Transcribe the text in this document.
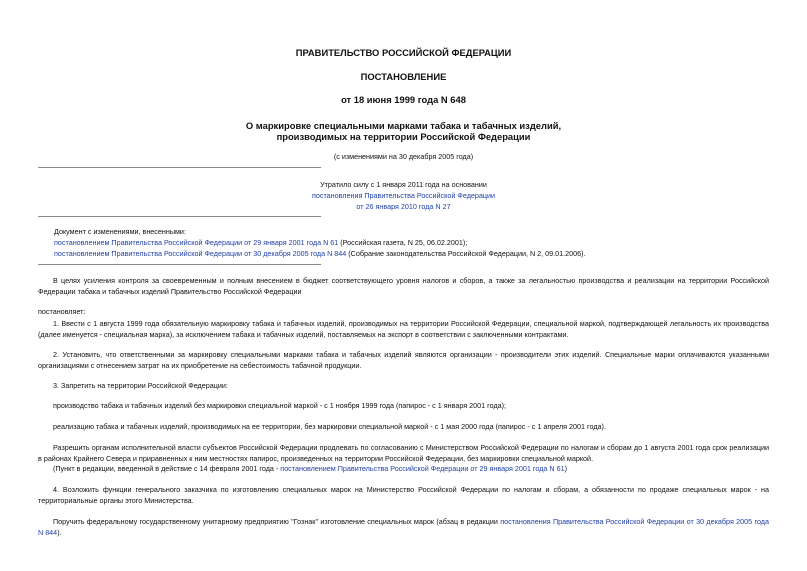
ПРАВИТЕЛЬСТВО РОССИЙСКОЙ ФЕДЕРАЦИИ
ПОСТАНОВЛЕНИЕ
от 18 июня 1999 года N 648
О маркировке специальными марками табака и табачных изделий,
производимых на территории Российской Федерации
(с изменениями на 30 декабря 2005 года)
Утратило силу с 1 января 2011 года на основании
постановления Правительства Российской Федерации
от 26 января 2010 года N 27
Документ с изменениями, внесенными:
постановлением Правительства Российской Федерации от 29 января 2001 года N 61 (Российская газета, N 25, 06.02.2001);
постановлением Правительства Российской Федерации от 30 декабря 2005 года N 844 (Собрание законодательства Российской Федерации, N 2, 09.01.2006).
В целях усиления контроля за своевременным и полным внесением в бюджет соответствующего уровня налогов и сборов, а также за легальностью производства и реализации на территории Российской
Федерации табака и табачных изделий Правительство Российской Федерации
постановляет:
1. Ввести с 1 августа 1999 года обязательную маркировку табака и табачных изделий, производимых на территории Российской Федерации, специальной маркой, подтверждающей легальность их производства
(далее именуется - специальная марка), за исключением табака и табачных изделий, поставляемых на экспорт в соответствии с заключенными контрактами.
2. Установить, что ответственными за маркировку специальными марками табака и табачных изделий являются организации - производители этих изделий. Специальные марки оплачиваются указанными
организациями с отнесением затрат на их приобретение на себестоимость табачной продукции.
3. Запретить на территории Российской Федерации:
производство табака и табачных изделий без маркировки специальной маркой - с 1 ноября 1999 года (папирос - с 1 января 2001 года);
реализацию табака и табачных изделий, производимых на ее территории, без маркировки специальной маркой - с 1 мая 2000 года (папирос - с 1 апреля 2001 года).
Разрешить органам исполнительной власти субъектов Российской Федерации продлевать по согласованию с Министерством Российской Федерации по налогам и сборам до 1 августа 2001 года срок реализации
в районах Крайнего Севера и приравненных к ним местностях папирос, произведенных на территории Российской Федерации, без маркировки специальной маркой.
(Пункт в редакции, введенной в действие с 14 февраля 2001 года - постановлением Правительства Российской Федерации от 29 января 2001 года N 61)
4. Возложить функции генерального заказчика по изготовлению специальных марок на Министерство Российской Федерации по налогам и сборам, а обязанности по продаже специальных марок - на
территориальные органы этого Министерства.
Поручить федеральному государственному унитарному предприятию "Гознак" изготовление специальных марок (абзац в редакции постановления Правительства Российской Федерации от 30 декабря 2005 года
N 844).
